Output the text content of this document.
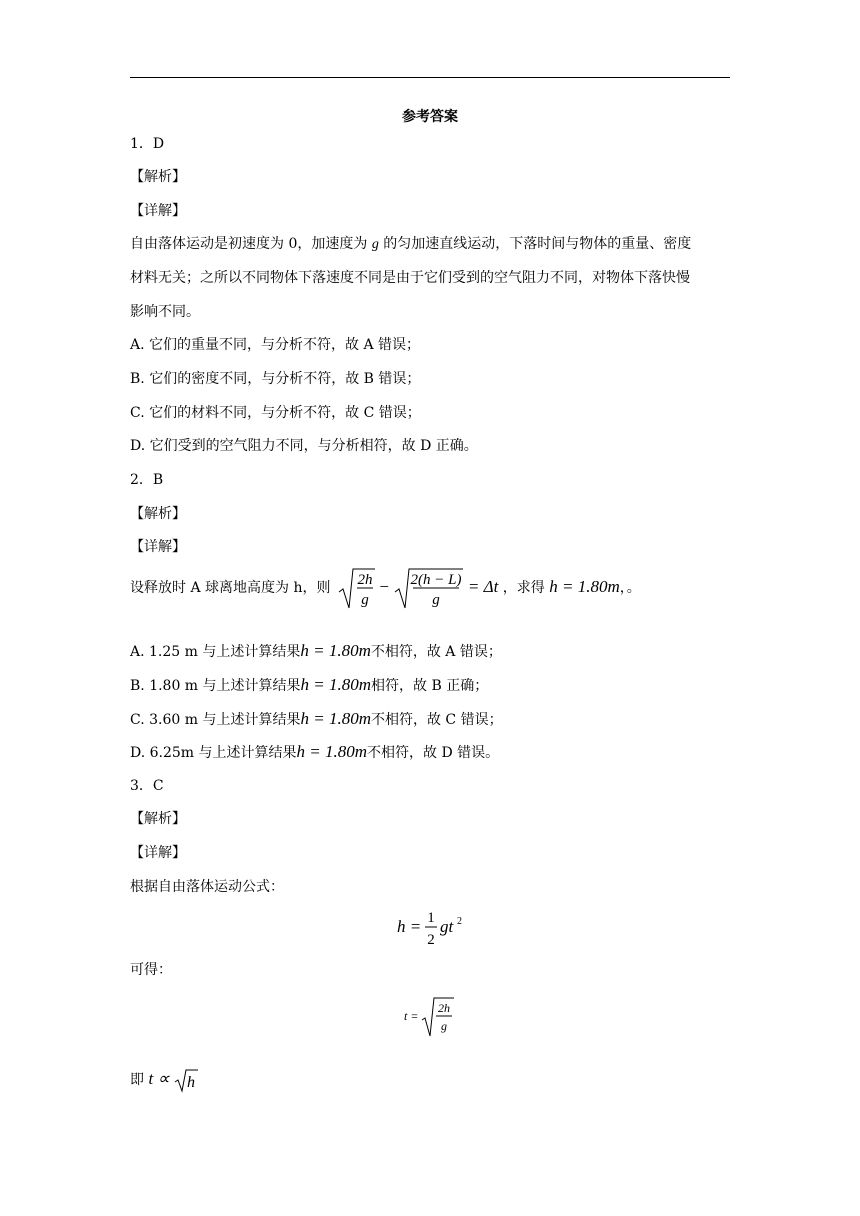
参考答案
1．D
【解析】
【详解】
自由落体运动是初速度为 0，加速度为 g 的匀加速直线运动，下落时间与物体的重量、密度
材料无关；之所以不同物体下落速度不同是由于它们受到的空气阻力不同，对物体下落快慢
影响不同。
A. 它们的重量不同，与分析不符，故 A 错误；
B. 它们的密度不同，与分析不符，故 B 错误；
C. 它们的材料不同，与分析不符，故 C 错误；
D. 它们受到的空气阻力不同，与分析相符，故 D 正确。
2．B
【解析】
【详解】
设释放时 A 球离地高度为 h，则 2h
g
− 2(h − L)
g
= Δt ，求得 h = 1.80m，。
A. 1.25 m 与上述计算结果h = 1.80m不相符，故 A 错误；
B. 1.80 m 与上述计算结果h = 1.80m相符，故 B 正确；
C. 3.60 m 与上述计算结果h = 1.80m不相符，故 C 错误；
D. 6.25m 与上述计算结果h = 1.80m不相符，故 D 错误。
3．C
【解析】
【详解】
根据自由落体运动公式：
h = 1
2
gt 2
可得：
t =
2h
g
即 t ∝ h
